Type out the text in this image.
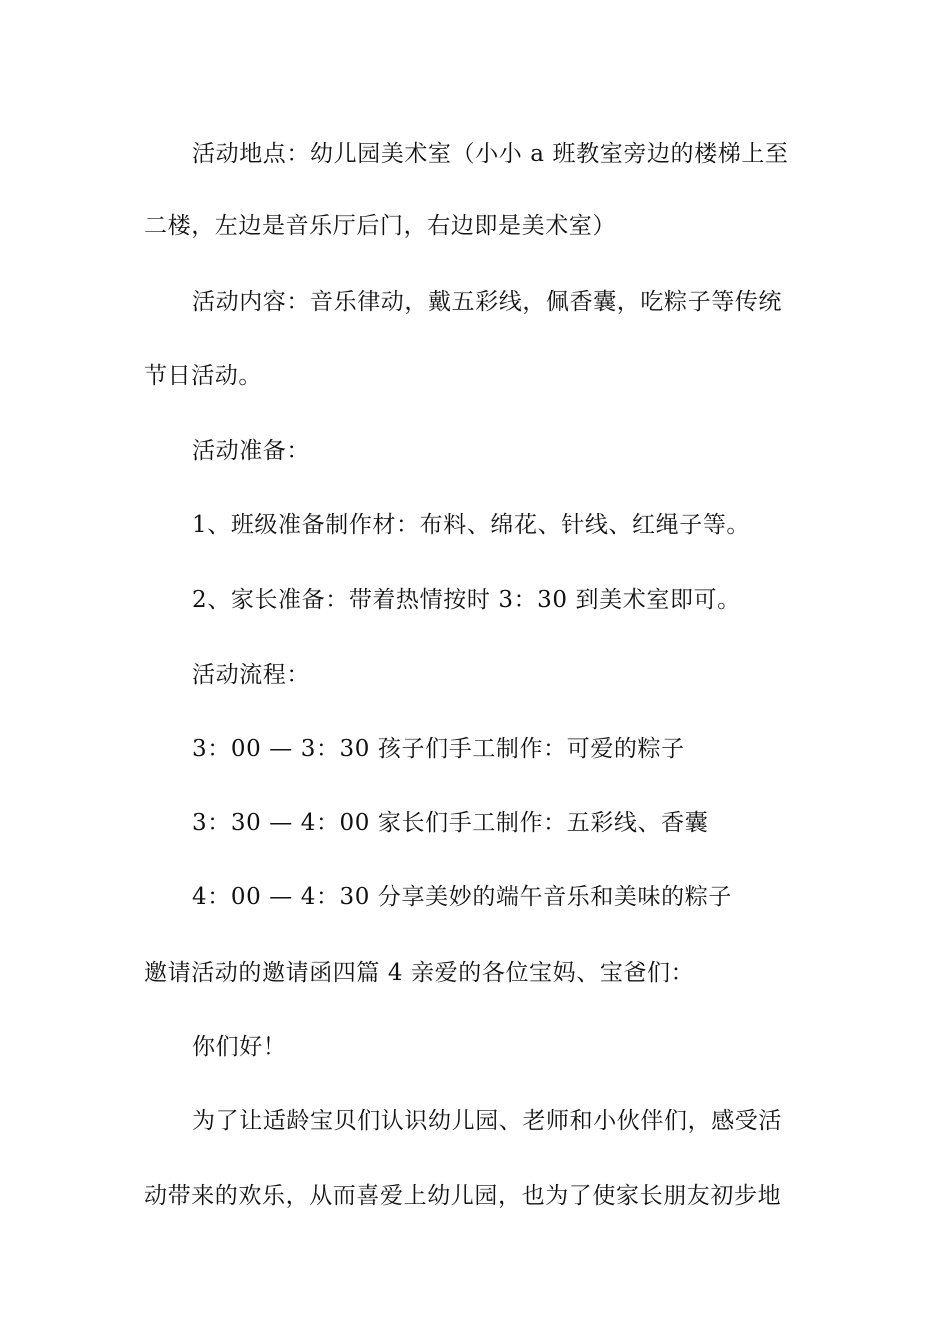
活动地点：幼儿园美术室（小小 a 班教室旁边的楼梯上至
二楼，左边是音乐厅后门，右边即是美术室）
活动内容：音乐律动，戴五彩线，佩香囊，吃粽子等传统
节日活动。
活动准备：
1、班级准备制作材：布料、绵花、针线、红绳子等。
2、家长准备：带着热情按时 3：30 到美术室即可。
活动流程：
3：00 — 3：30 孩子们手工制作：可爱的粽子
3：30 — 4：00 家长们手工制作：五彩线、香囊
4：00 — 4：30 分享美妙的端午音乐和美味的粽子
邀请活动的邀请函四篇 4 亲爱的各位宝妈、宝爸们：
你们好！
为了让适龄宝贝们认识幼儿园、老师和小伙伴们，感受活
动带来的欢乐，从而喜爱上幼儿园，也为了使家长朋友初步地
